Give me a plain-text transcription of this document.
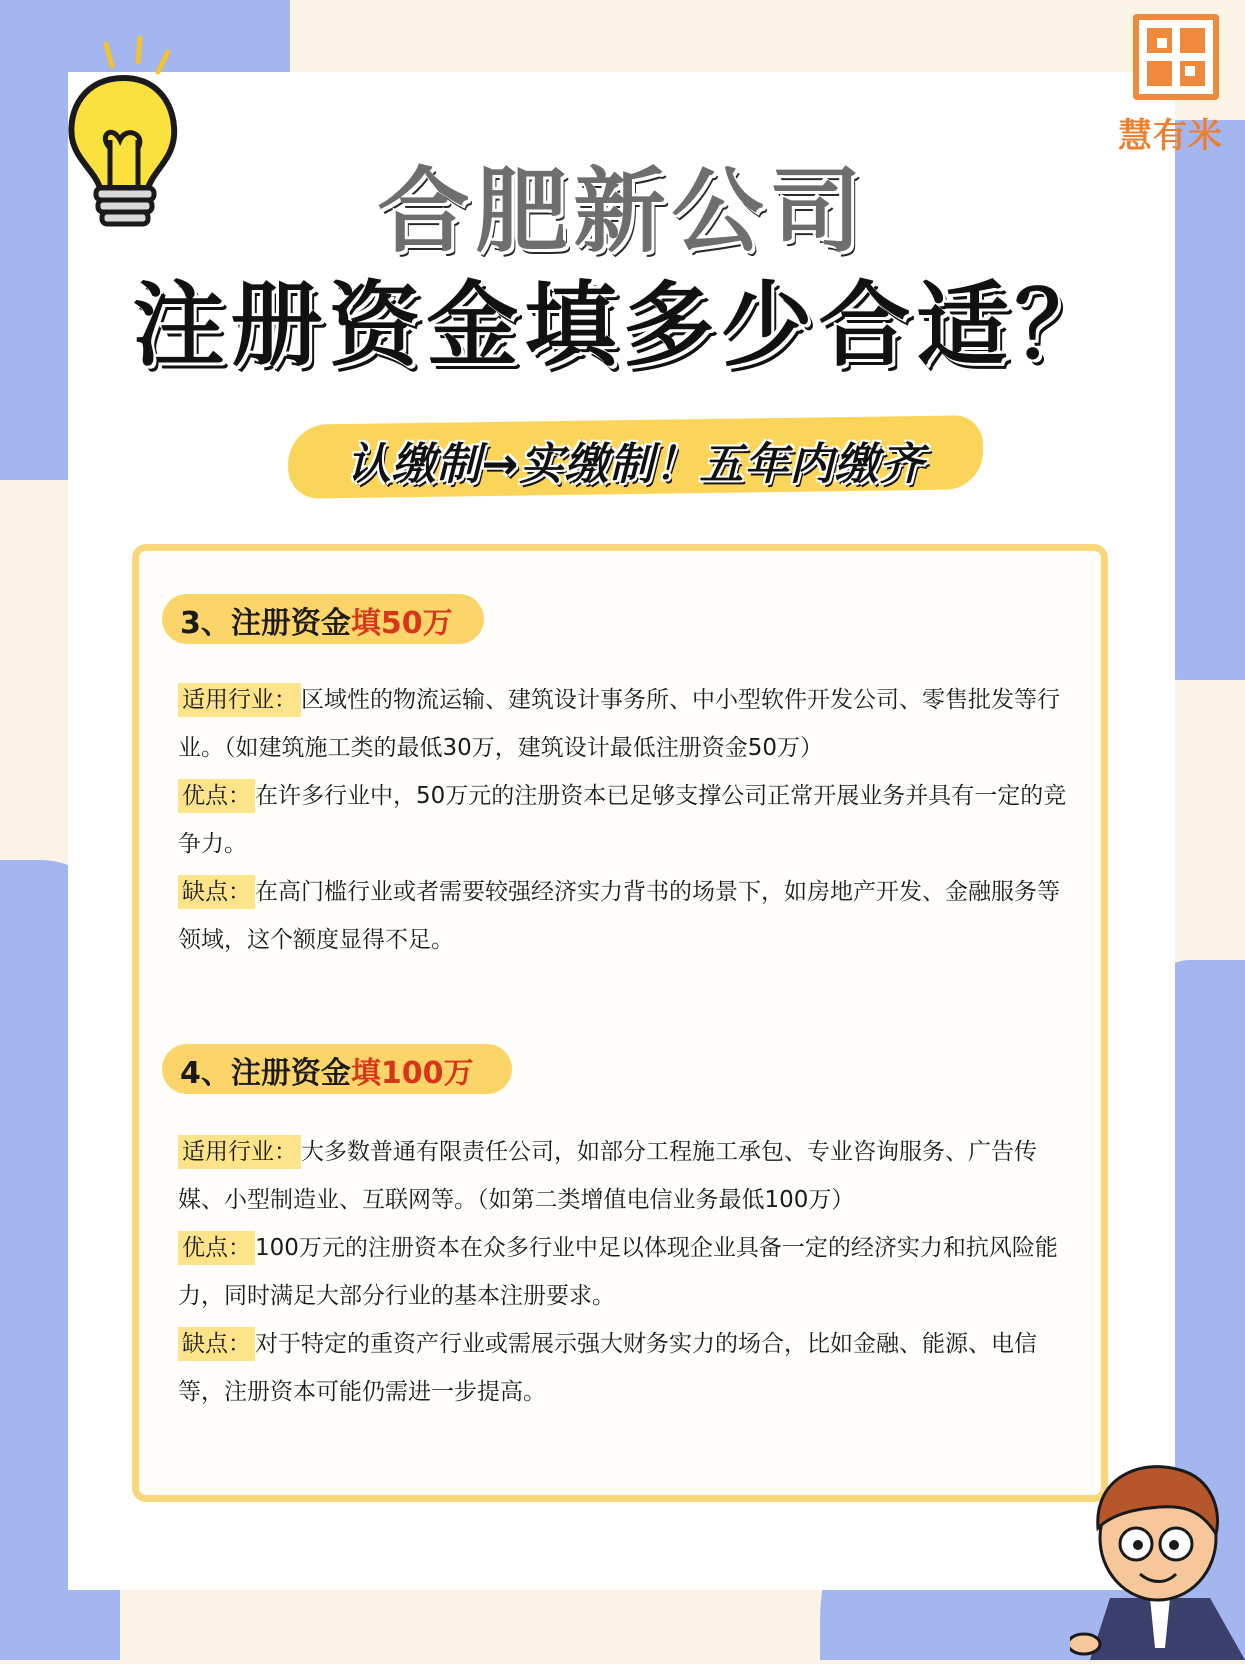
慧有米
合肥新公司
注册资金填多少合适？
认缴制→实缴制！五年内缴齐
3、注册资金填50万
适用行业： 区域性的物流运输、建筑设计事务所、中小型软件开发公司、零售批发等行业。（如建筑施工类的最低30万，建筑设计最低注册资金50万）
优点： 在许多行业中，50万元的注册资本已足够支撑公司正常开展业务并具有一定的竞争力。
缺点： 在高门槛行业或者需要较强经济实力背书的场景下，如房地产开发、金融服务等领域，这个额度显得不足。
4、注册资金填100万
适用行业： 大多数普通有限责任公司，如部分工程施工承包、专业咨询服务、广告传媒、小型制造业、互联网等。（如第二类增值电信业务最低100万）
优点： 100万元的注册资本在众多行业中足以体现企业具备一定的经济实力和抗风险能力，同时满足大部分行业的基本注册要求。
缺点： 对于特定的重资产行业或需展示强大财务实力的场合，比如金融、能源、电信等，注册资本可能仍需进一步提高。
